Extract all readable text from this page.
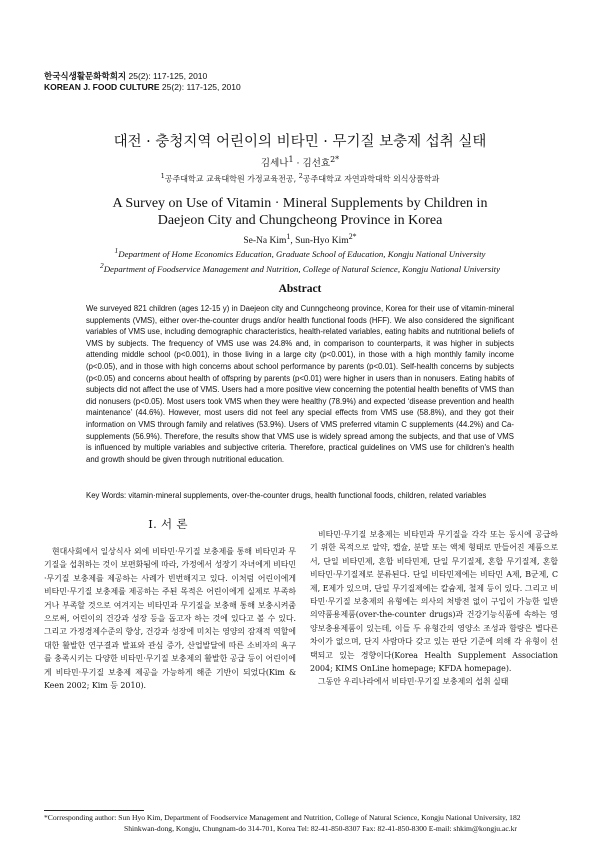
한국식생활문화학회지 25(2): 117-125, 2010
KOREAN J. FOOD CULTURE 25(2): 117-125, 2010
대전 · 충청지역 어린이의 비타민 · 무기질 보충제 섭취 실태
김세나$^1$ · 김선효$^{2*}$
$^1$공주대학교 교육대학원 가정교육전공, $^2$공주대학교 자연과학대학 외식상품학과
A Survey on Use of Vitamin · Mineral Supplements by Children in
Daejeon City and Chungcheong Province in Korea
Se-Na Kim$^1$, Sun-Hyo Kim$^{2*}$
$^1$Department of Home Economics Education, Graduate School of Education, Kongju National University
$^2$Department of Foodservice Management and Nutrition, College of Natural Science, Kongju National University
Abstract

We surveyed 821 children (ages 12-15 y) in Daejeon city and Cunngcheong province, Korea for their use of vitamin·mineral supplements (VMS), either over-the-counter drugs and/or health functional foods (HFF). We also considered the significant variables of VMS use, including demographic characteristics, health-related variables, eating habits and nutritional beliefs of VMS by subjects. The frequency of VMS use was 24.8% and, in comparison to counterparts, it was higher in subjects attending middle school (p<0.001), in those living in a large city (p<0.001), in those with a high monthly family income (p<0.05), and in those with high concerns about school performance by parents (p<0.01). Self-health concerns by subjects (p<0.05) and concerns about health of offspring by parents (p<0.01) were higher in users than in nonusers. Eating habits of subjects did not affect the use of VMS. Users had a more positive view concerning the potential health benefits of VMS than did nonusers (p<0.05). Most users took VMS when they were healthy (78.9%) and expected ‘disease prevention and health maintenance’ (44.6%). However, most users did not feel any special effects from VMS use (58.8%), and they got their information on VMS through family and relatives (53.9%). Users of VMS preferred vitamin C supplements (44.2%) and Ca-supplements (56.9%). Therefore, the results show that VMS use is widely spread among the subjects, and that use of VMS is influenced by multiple variables and subjective criteria. Therefore, practical guidelines on VMS use for children's health and growth should be given through nutritional education.

Key Words: vitamin·mineral supplements, over-the-counter drugs, health functional foods, children, related variables
I. 서 론

현대사회에서 일상식사 외에 비타민·무기질 보충제를 통해 비타민과 무기질을 섭취하는 것이 보편화됨에 따라, 가정에서 성장기 자녀에게 비타민·무기질 보충제를 제공하는 사례가 빈번해지고 있다. 이처럼 어린이에게 비타민·무기질 보충제를 제공하는 주된 목적은 어린이에게 실제로 부족하거나 부족할 것으로 여겨지는 비타민과 무기질을 보충해 통해 보충시켜줌으로써, 어린이의 건강과 성장 등을 돕고자 하는 것에 있다고 볼 수 있다. 그리고 가정경제수준의 향상, 건강과 성장에 미치는 영양의 잠재적 역할에 대한 활발한 연구결과 발표와 관심 증가, 산업발달에 따른 소비자의 욕구를 충족시키는 다양한 비타민·무기질 보충제의 활발한 공급 등이 어린이에게 비타민·무기질 보충제 제공을 가능하게 해준 기반이 되었다(Kim & Keen 2002; Kim 등 2010).

비타민·무기질 보충제는 비타민과 무기질을 각각 또는 동시에 공급하기 위한 목적으로 알약, 캡슐, 분말 또는 액체 형태로 만들어진 제품으로서, 단일 비타민제, 혼합 비타민제, 단일 무기질제, 혼합 무기질제, 혼합 비타민·무기질제로 분류된다. 단일 비타민제에는 비타민 A제, B군제, C제, E제가 있으며, 단일 무기질제에는 칼슘제, 철제 등이 있다. 그리고 비타민·무기질 보충제의 유형에는 의사의 처방전 없이 구입이 가능한 일반의약품용제품(over-the-counter drugs)과 건강기능식품에 속하는 영양보충용제품이 있는데, 이들 두 유형간의 영양소 조성과 함량은 별다른 차이가 없으며, 단지 사람마다 갖고 있는 판단 기준에 의해 각 유형이 선택되고 있는 경향이다(Korea Health Supplement Association 2004; KIMS OnLine homepage; KFDA homepage).
그동안 우리나라에서 비타민·무기질 보충제의 섭취 실태
*Corresponding author: Sun Hyo Kim, Department of Foodservice Management and Nutrition, College of Natural Science, Kongju National University, 182
Shinkwan-dong, Kongju, Chungnam-do 314-701, Korea Tel: 82-41-850-8307 Fax: 82-41-850-8300 E-mail: shkim@kongju.ac.kr
